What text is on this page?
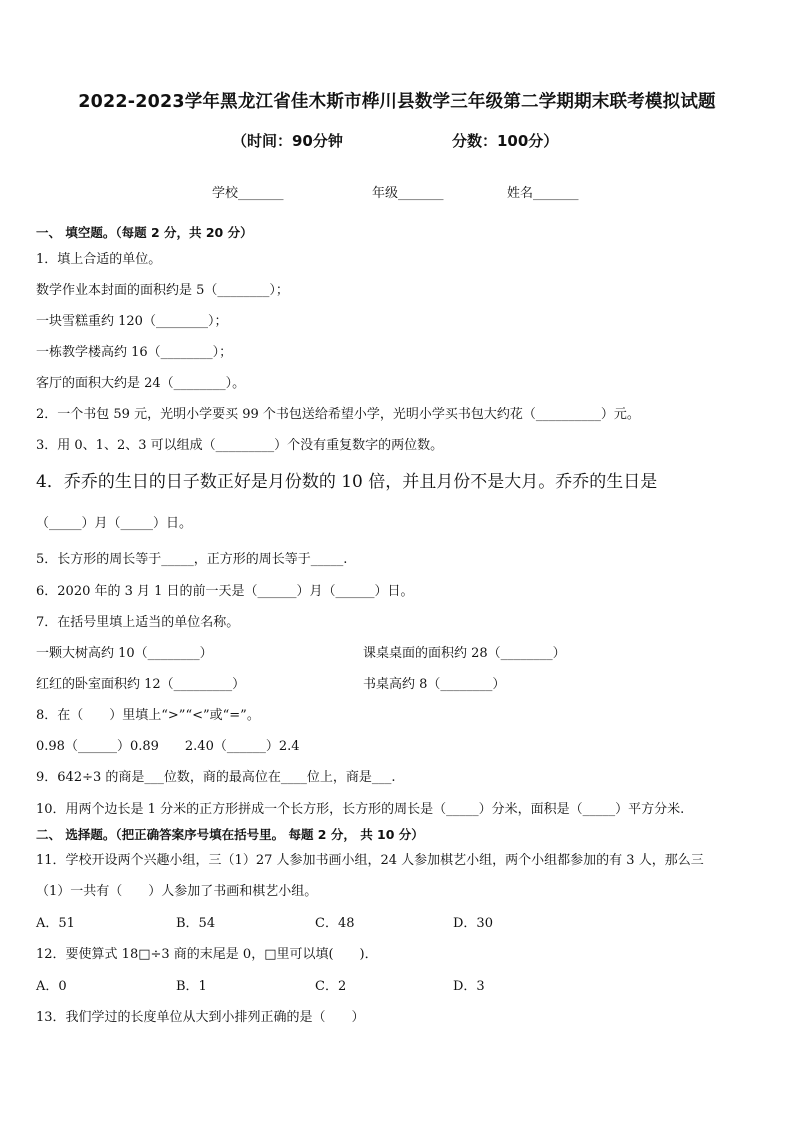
2022-2023学年黑龙江省佳木斯市桦川县数学三年级第二学期期末联考模拟试题
（时间：90分钟	分数：100分）
学校_______	年级_______	姓名_______
一、 填空题。（每题 2 分，共 20 分）
1．填上合适的单位。
数学作业本封面的面积约是 5（________）；
一块雪糕重约 120（________）；
一栋教学楼高约 16（________）；
客厅的面积大约是 24（________）。
2．一个书包 59 元，光明小学要买 99 个书包送给希望小学，光明小学买书包大约花（__________）元。
3．用 0、1、2、3 可以组成（_________）个没有重复数字的两位数。
4．乔乔的生日的日子数正好是月份数的 10 倍，并且月份不是大月。乔乔的生日是
（_____）月（_____）日。
5．长方形的周长等于_____，正方形的周长等于_____.
6．2020 年的 3 月 1 日的前一天是（______）月（______）日。
7．在括号里填上适当的单位名称。
一颗大树高约 10（________）	课桌桌面的面积约 28（________）
红红的卧室面积约 12（_________）	书桌高约 8（________）
8．在（　　）里填上“>”“<”或“=”。
0.98（______）0.89　　2.40（______）2.4
9．642÷3 的商是___位数，商的最高位在____位上，商是___.
10．用两个边长是 1 分米的正方形拼成一个长方形，长方形的周长是（_____）分米，面积是（_____）平方分米.
二、 选择题。（把正确答案序号填在括号里。 每题 2 分， 共 10 分）
11．学校开设两个兴趣小组，三（1）27 人参加书画小组，24 人参加棋艺小组，两个小组都参加的有 3 人，那么三
（1）一共有（　　）人参加了书画和棋艺小组。
A．51	B．54	C．48	D．30
12．要使算式 18□÷3 商的末尾是 0，□里可以填(　　)．
A．0	B．1	C．2	D．3
13．我们学过的长度单位从大到小排列正确的是（　　）
